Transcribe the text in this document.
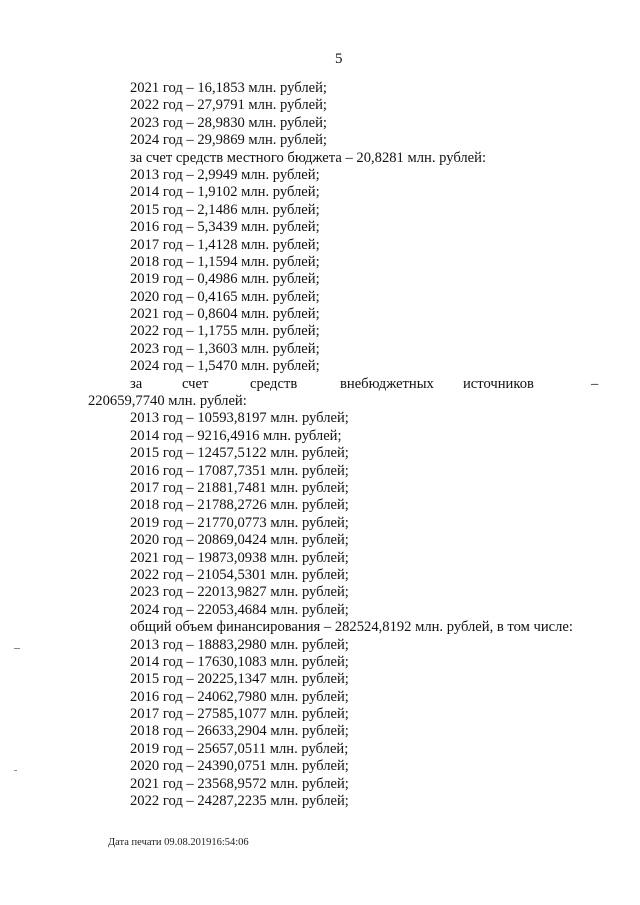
5
2021 год – 16,1853 млн. рублей;
2022 год – 27,9791 млн. рублей;
2023 год – 28,9830 млн. рублей;
2024 год – 29,9869 млн. рублей;
за счет средств местного бюджета – 20,8281 млн. рублей:
2013 год – 2,9949 млн. рублей;
2014 год – 1,9102 млн. рублей;
2015 год – 2,1486 млн. рублей;
2016 год – 5,3439 млн. рублей;
2017 год – 1,4128 млн. рублей;
2018 год – 1,1594 млн. рублей;
2019 год – 0,4986 млн. рублей;
2020 год – 0,4165 млн. рублей;
2021 год – 0,8604 млн. рублей;
2022 год – 1,1755 млн. рублей;
2023 год – 1,3603 млн. рублей;
2024 год – 1,5470 млн. рублей;
за	счет	средств	внебюджетных источников	–
220659,7740 млн. рублей:
2013 год – 10593,8197 млн. рублей;
2014 год – 9216,4916 млн. рублей;
2015 год – 12457,5122 млн. рублей;
2016 год – 17087,7351 млн. рублей;
2017 год – 21881,7481 млн. рублей;
2018 год – 21788,2726 млн. рублей;
2019 год – 21770,0773 млн. рублей;
2020 год – 20869,0424 млн. рублей;
2021 год – 19873,0938 млн. рублей;
2022 год – 21054,5301 млн. рублей;
2023 год – 22013,9827 млн. рублей;
2024 год – 22053,4684 млн. рублей;
общий объем финансирования – 282524,8192 млн. рублей, в том числе:
2013 год – 18883,2980 млн. рублей;
2014 год – 17630,1083 млн. рублей;
2015 год – 20225,1347 млн. рублей;
2016 год – 24062,7980 млн. рублей;
2017 год – 27585,1077 млн. рублей;
2018 год – 26633,2904 млн. рублей;
2019 год – 25657,0511 млн. рублей;
2020 год – 24390,0751 млн. рублей;
2021 год – 23568,9572 млн. рублей;
2022 год – 24287,2235 млн. рублей;
Дата печати 09.08.201916:54:06
